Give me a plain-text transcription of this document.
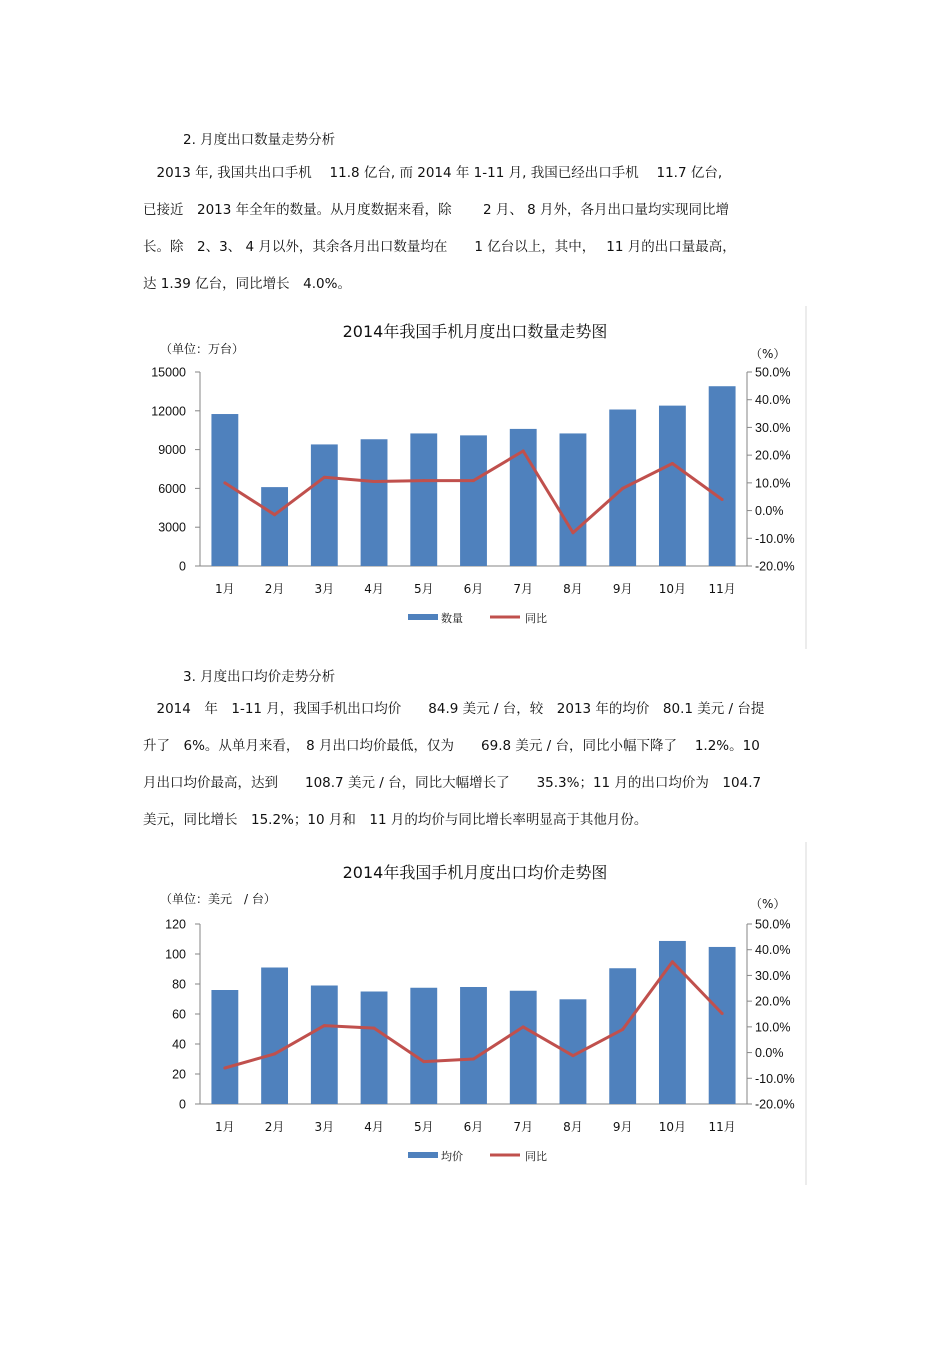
2. 月度出口数量走势分析

　2013 年, 我国共出口手机　 11.8 亿台, 而 2014 年 1-11 月, 我国已经出口手机　 11.7 亿台,

已接近　2013 年全年的数量。从月度数据来看，除　　 2 月、 8 月外，各月出口量均实现同比增

长。除　2、3、 4 月以外，其余各月出口数量均在　　1 亿台以上，其中，　 11 月的出口量最高，

达 1.39 亿台，同比增长　4.0%。

2014年我国手机月度出口数量走势图
（单位：万台）	（%）
0
3000
6000
9000
12000
15000
-20.0%
-10.0%
0.0%
10.0%
20.0%
30.0%
40.0%
50.0%
1月	2月	3月	4月	5月	6月	7月	8月	9月 10月 11月
数量	同比
3. 月度出口均价走势分析

　2014　年　1-11 月，我国手机出口均价　　84.9 美元 / 台，较　2013 年的均价　80.1 美元 / 台提

升了　6%。从单月来看，　8 月出口均价最低，仅为　　69.8 美元 / 台，同比小幅下降了　 1.2%。10

月出口均价最高，达到　　108.7 美元 / 台，同比大幅增长了　　35.3%；11 月的出口均价为　104.7

美元，同比增长　15.2%；10 月和　11 月的均价与同比增长率明显高于其他月份。

2014年我国手机月度出口均价走势图
（单位：美元　/ 台）	（%）
0
20
40
60
80
100
120
-20.0%
-10.0%
0.0%
10.0%
20.0%
30.0%
40.0%
50.0%
1月	2月	3月	4月	5月	6月	7月	8月	9月 10月 11月
均价	同比
